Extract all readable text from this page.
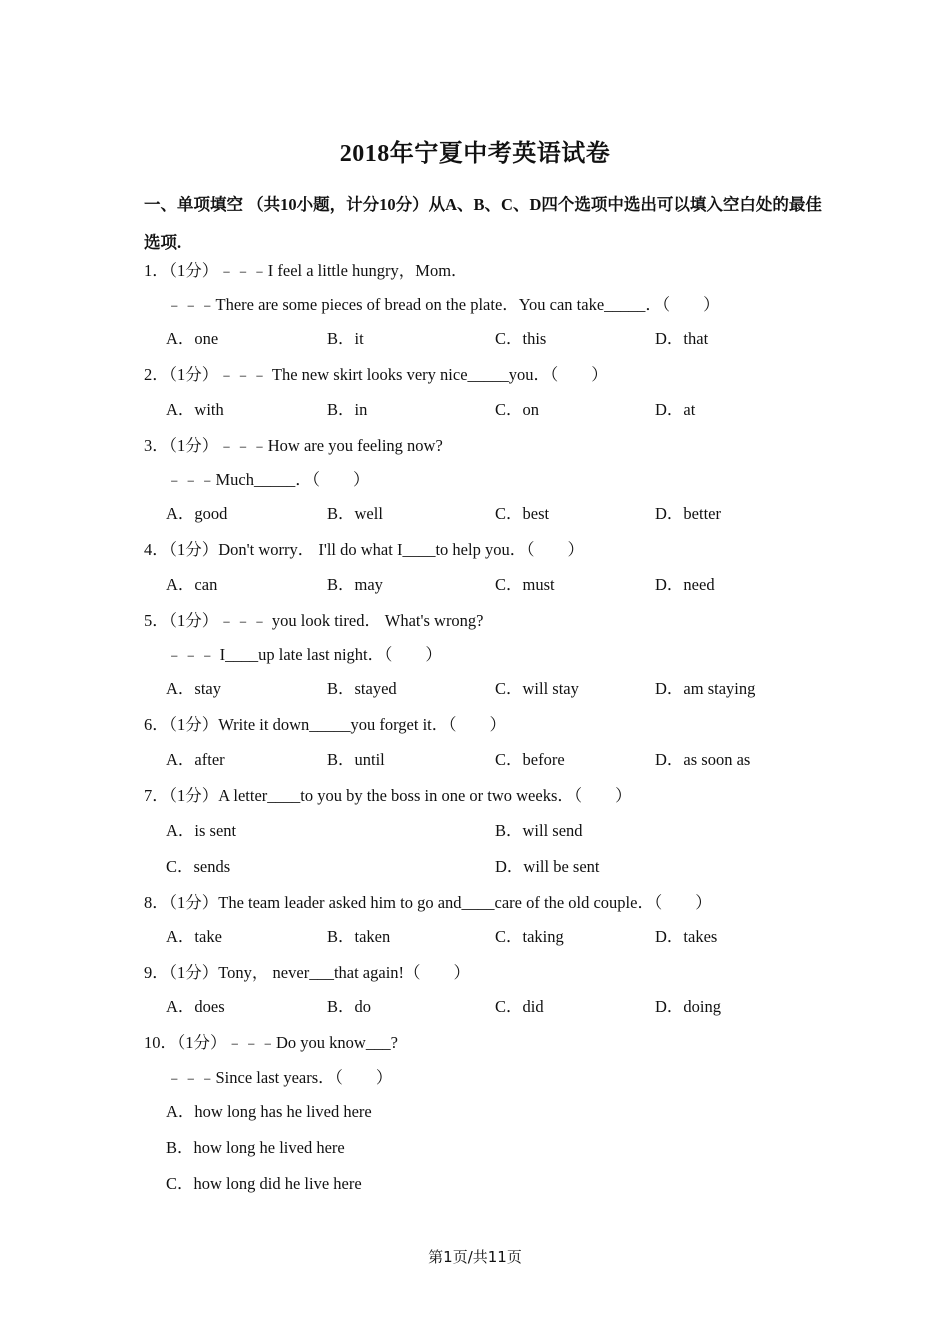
2018年宁夏中考英语试卷
一、单项填空 （共10小题，计分10分）从A、B、C、D四个选项中选出可以填入空白处的最佳选项.
1．（1分）﹣﹣﹣I feel a little hungry，Mom．
﹣﹣﹣There are some pieces of bread on the plate．You can take_____．（　　）
A．one	B．it	C．this	D．that
2．（1分）﹣﹣﹣ The new skirt looks very nice_____you．（　　）
A．with	B．in	C．on	D．at
3．（1分）﹣﹣﹣How are you feeling now?
﹣﹣﹣Much_____．（　　）
A．good	B．well	C．best	D．better
4．（1分）Don't worry． I'll do what I____to help you．（　　）
A．can	B．may	C．must	D．need
5．（1分）﹣﹣﹣ you look tired． What's wrong?
﹣﹣﹣ I____up late last night．（　　）
A．stay	B．stayed	C．will stay	D．am staying
6．（1分）Write it down_____you forget it．（　　）
A．after	B．until	C．before	D．as soon as
7．（1分）A letter____to you by the boss in one or two weeks．（　　）
A．is sent	B．will send
C．sends	D．will be sent
8．（1分）The team leader asked him to go and____care of the old couple．（　　）
A．take	B．taken	C．taking	D．takes
9．（1分）Tony， never___that again!（　　）
A．does	B．do	C．did	D．doing
10．（1分）﹣﹣﹣Do you know___?
﹣﹣﹣Since last years．（　　）
A．how long has he lived here
B．how long he lived here
C．how long did he live here
第1页/共11页
